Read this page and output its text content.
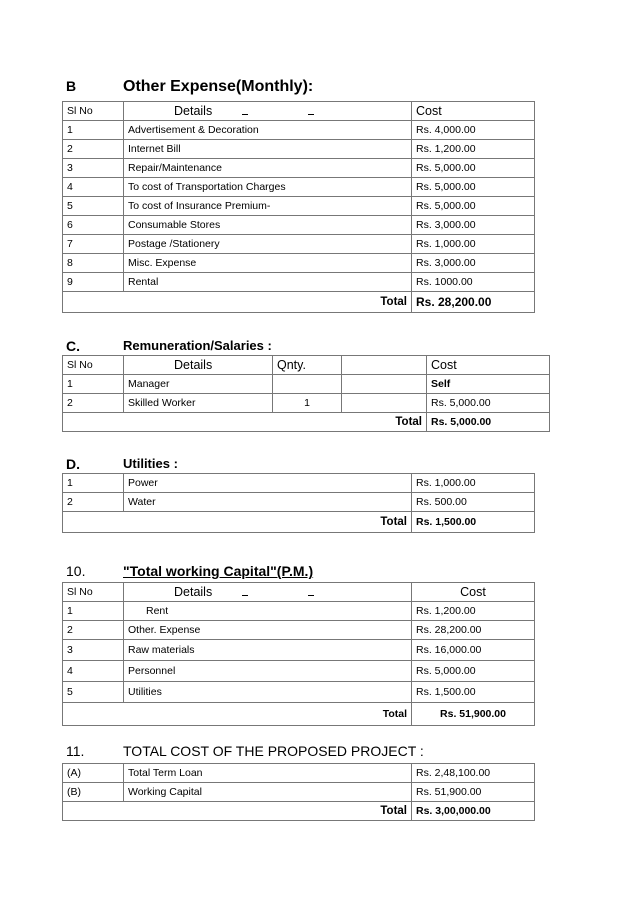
B	Other Expense(Monthly):
Sl No	Details	Cost
1	Advertisement & Decoration	Rs. 4,000.00
2	Internet Bill	Rs. 1,200.00
3	Repair/Maintenance	Rs. 5,000.00
4	To cost of Transportation Charges	Rs. 5,000.00
5	To cost of Insurance Premium-	Rs. 5,000.00
6	Consumable Stores	Rs. 3,000.00
7	Postage /Stationery	Rs. 1,000.00
8	Misc. Expense	Rs. 3,000.00
9	Rental	Rs. 1000.00
Total		Rs. 28,200.00
C.	Remuneration/Salaries :
Sl No	Details	Qnty.		Cost
1	Manager			Self
2	Skilled Worker	1		Rs. 5,000.00
Total				Rs. 5,000.00
D.	Utilities :
1	Power	Rs. 1,000.00
2	Water	Rs. 500.00
Total		Rs. 1,500.00
10.	"Total working Capital"(P.M.)
Sl No	Details	Cost
1	Rent	Rs. 1,200.00
2	Other. Expense	Rs. 28,200.00
3	Raw materials	Rs. 16,000.00
4	Personnel	Rs. 5,000.00
5	Utilities	Rs. 1,500.00
Total		Rs. 51,900.00
11.	TOTAL COST OF THE PROPOSED PROJECT :
(A)	Total Term Loan	Rs. 2,48,100.00
(B)	Working Capital	Rs. 51,900.00
Total		Rs. 3,00,000.00
